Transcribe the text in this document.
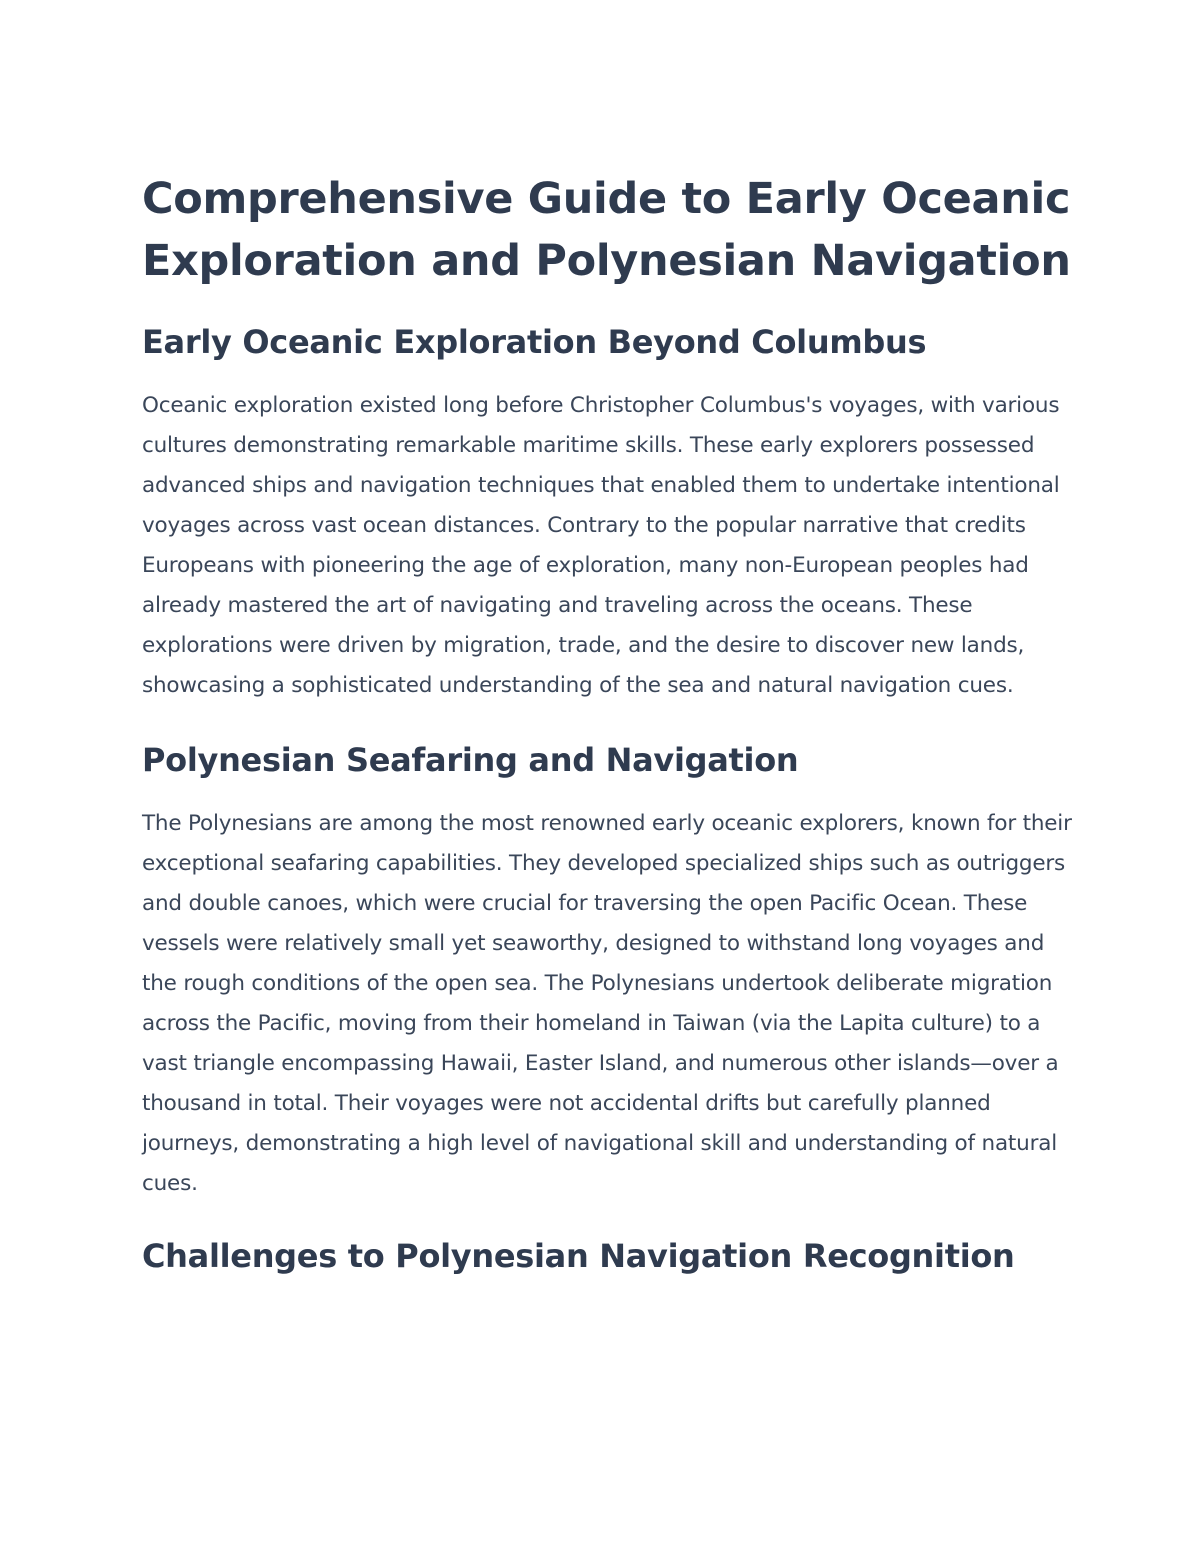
Comprehensive Guide to Early Oceanic Exploration and Polynesian Navigation
Early Oceanic Exploration Beyond Columbus

Oceanic exploration existed long before Christopher Columbus's voyages, with various cultures demonstrating remarkable maritime skills. These early explorers possessed advanced ships and navigation techniques that enabled them to undertake intentional voyages across vast ocean distances. Contrary to the popular narrative that credits Europeans with pioneering the age of exploration, many non-European peoples had already mastered the art of navigating and traveling across the oceans. These explorations were driven by migration, trade, and the desire to discover new lands, showcasing a sophisticated understanding of the sea and natural navigation cues.

Polynesian Seafaring and Navigation

The Polynesians are among the most renowned early oceanic explorers, known for their exceptional seafaring capabilities. They developed specialized ships such as outriggers and double canoes, which were crucial for traversing the open Pacific Ocean. These vessels were relatively small yet seaworthy, designed to withstand long voyages and the rough conditions of the open sea. The Polynesians undertook deliberate migration across the Pacific, moving from their homeland in Taiwan (via the Lapita culture) to a vast triangle encompassing Hawaii, Easter Island, and numerous other islands—over a thousand in total. Their voyages were not accidental drifts but carefully planned journeys, demonstrating a high level of navigational skill and understanding of natural cues.

Challenges to Polynesian Navigation Recognition
